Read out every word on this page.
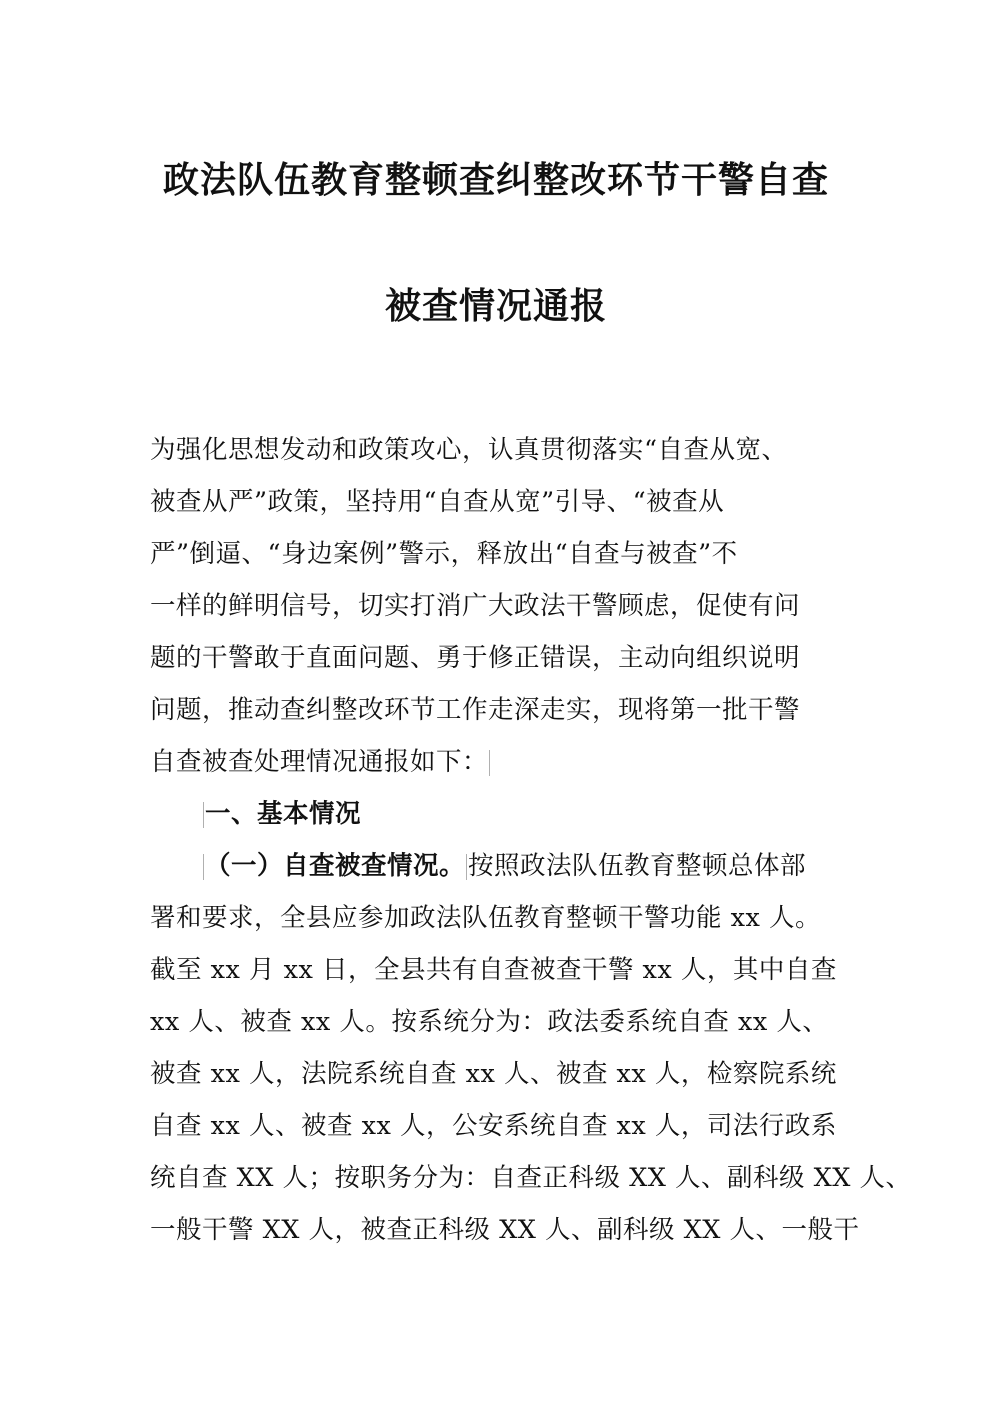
政法队伍教育整顿查纠整改环节干警自查
被查情况通报
为强化思想发动和政策攻心，认真贯彻落实“自查从宽、
被查从严”政策，坚持用“自查从宽”引导、“被查从
严”倒逼、“身边案例”警示，释放出“自查与被查”不
一样的鲜明信号，切实打消广大政法干警顾虑，促使有问
题的干警敢于直面问题、勇于修正错误，主动向组织说明
问题，推动查纠整改环节工作走深走实，现将第一批干警
自查被查处理情况通报如下：
一、基本情况
（一）自查被查情况。 按照政法队伍教育整顿总体部
署和要求，全县应参加政法队伍教育整顿干警功能 xx 人。
截至 xx 月 xx 日，全县共有自查被查干警 xx 人，其中自查
xx 人、被查 xx 人。按系统分为：政法委系统自查 xx 人、
被查 xx 人，法院系统自查 xx 人、被查 xx 人，检察院系统
自查 xx 人、被查 xx 人，公安系统自查 xx 人，司法行政系
统自查 XX 人；按职务分为：自查正科级 XX 人、副科级 XX 人、
一般干警 XX 人，被查正科级 XX 人、副科级 XX 人、一般干
